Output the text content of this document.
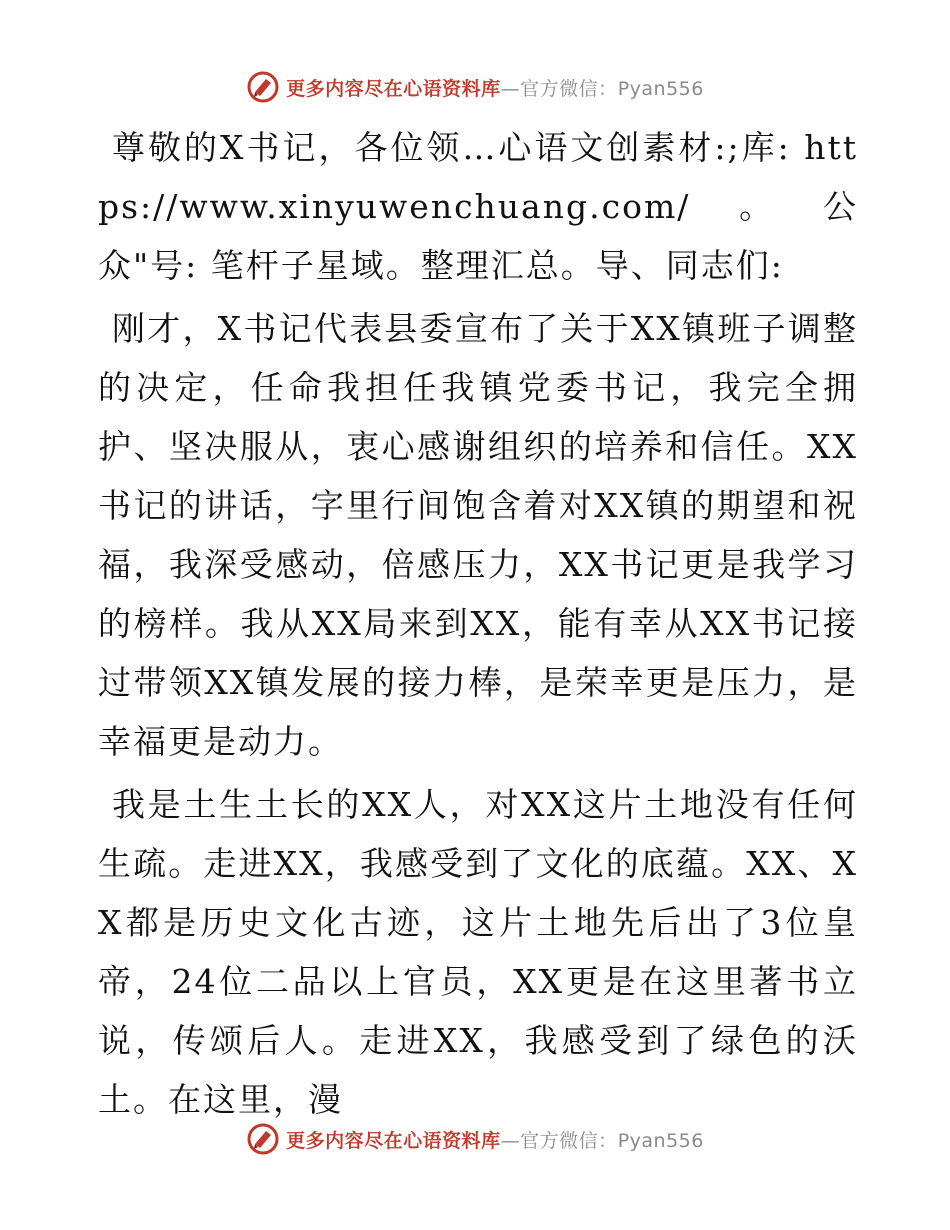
更多内容尽在心语资料库—官方微信：Pyan556

尊敬的X书记，各位领…心语文创素材:;库: https://www.xinyuwenchuang.com/。公众"号: 笔杆子星域。整理汇总。导、同志们:

刚才，X书记代表县委宣布了关于XX镇班子调整的决定，任命我担任我镇党委书记，我完全拥护、坚决服从，衷心感谢组织的培养和信任。XX书记的讲话，字里行间饱含着对XX镇的期望和祝福，我深受感动，倍感压力，XX书记更是我学习的榜样。我从XX局来到XX，能有幸从XX书记接过带领XX镇发展的接力棒，是荣幸更是压力，是幸福更是动力。

我是土生土长的XX人，对XX这片土地没有任何生疏。走进XX，我感受到了文化的底蕴。XX、XX都是历史文化古迹，这片土地先后出了3位皇帝，24位二品以上官员，XX更是在这里著书立说，传颂后人。走进XX，我感受到了绿色的沃土。在这里，漫

更多内容尽在心语资料库—官方微信：Pyan556
